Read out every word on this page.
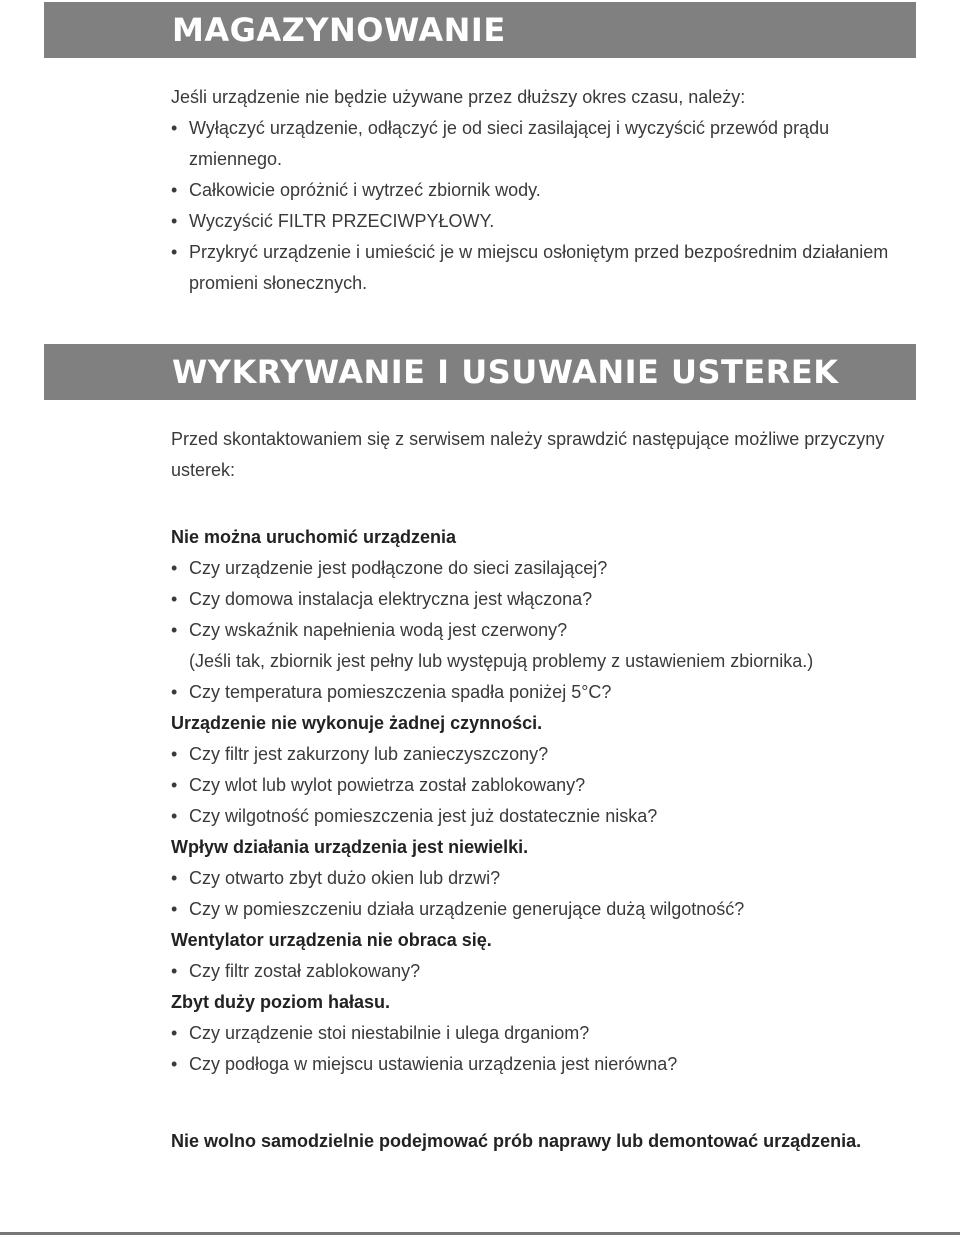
MAGAZYNOWANIE

Jeśli urządzenie nie będzie używane przez dłuższy okres czasu, należy:

• Wyłączyć urządzenie, odłączyć je od sieci zasilającej i wyczyścić przewód prądu zmiennego.
• Całkowicie opróżnić i wytrzeć zbiornik wody.
• Wyczyścić FILTR PRZECIWPYŁOWY.
• Przykryć urządzenie i umieścić je w miejscu osłoniętym przed bezpośrednim działaniem promieni słonecznych.
WYKRYWANIE I USUWANIE USTEREK

Przed skontaktowaniem się z serwisem należy sprawdzić następujące możliwe przyczyny usterek:

Nie można uruchomić urządzenia

• Czy urządzenie jest podłączone do sieci zasilającej?
• Czy domowa instalacja elektryczna jest włączona?
• Czy wskaźnik napełnienia wodą jest czerwony?
(Jeśli tak, zbiornik jest pełny lub występują problemy z ustawieniem zbiornika.)
• Czy temperatura pomieszczenia spadła poniżej 5°C?

Urządzenie nie wykonuje żadnej czynności.

• Czy filtr jest zakurzony lub zanieczyszczony?
• Czy wlot lub wylot powietrza został zablokowany?
• Czy wilgotność pomieszczenia jest już dostatecznie niska?

Wpływ działania urządzenia jest niewielki.

• Czy otwarto zbyt dużo okien lub drzwi?
• Czy w pomieszczeniu działa urządzenie generujące dużą wilgotność?

Wentylator urządzenia nie obraca się.

• Czy filtr został zablokowany?

Zbyt duży poziom hałasu.

• Czy urządzenie stoi niestabilnie i ulega drganiom?
• Czy podłoga w miejscu ustawienia urządzenia jest nierówna?

Nie wolno samodzielnie podejmować prób naprawy lub demontować urządzenia.
